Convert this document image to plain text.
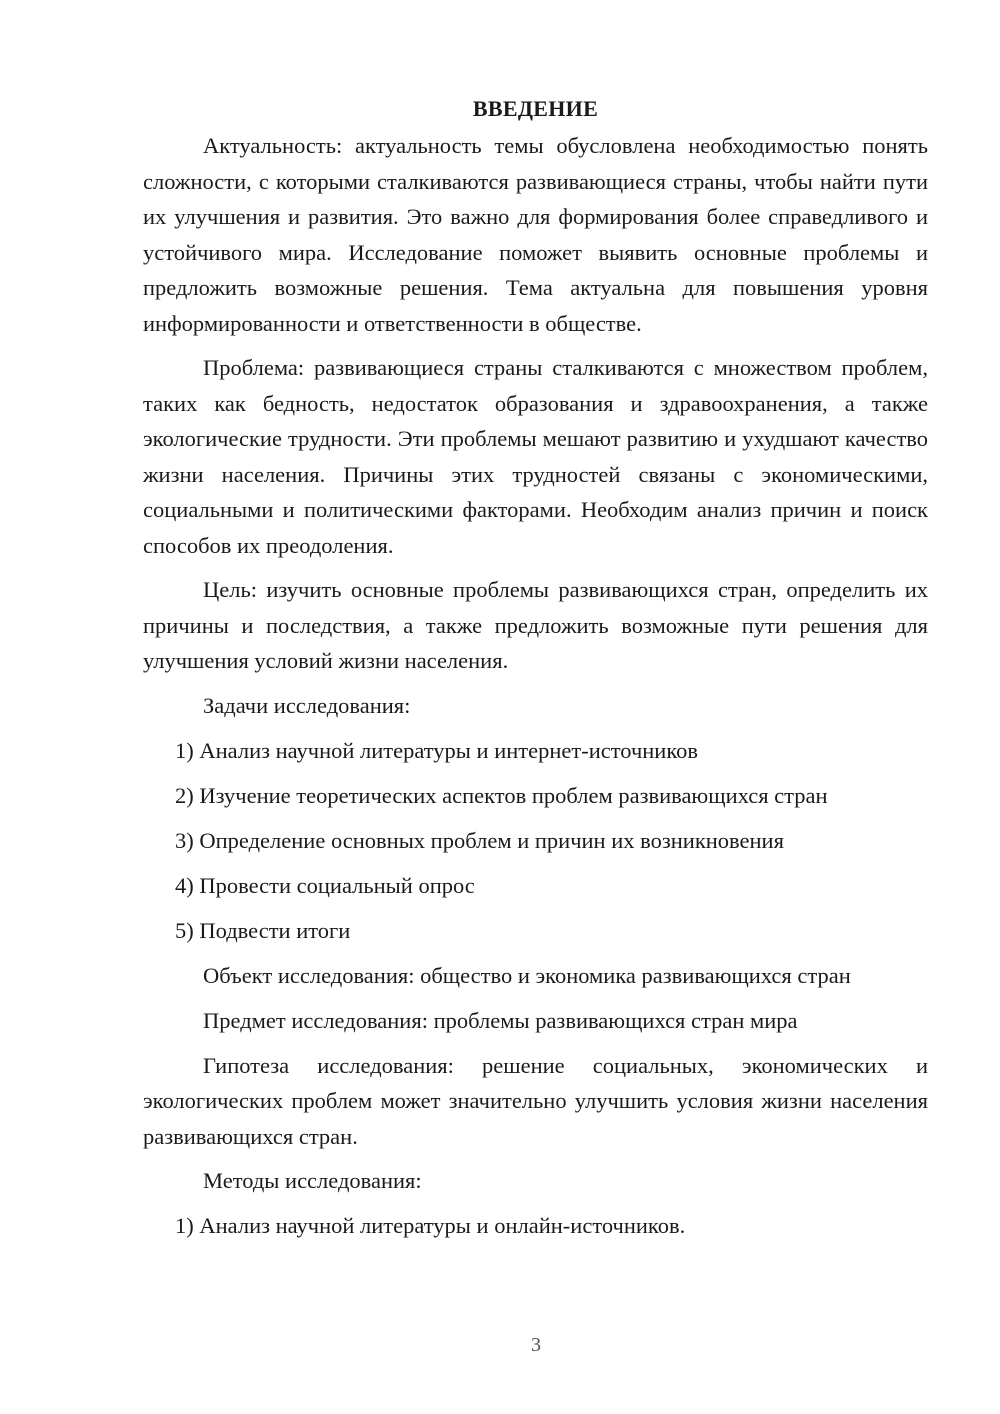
ВВЕДЕНИЕ

Актуальность: актуальность темы обусловлена необходимостью понять сложности, с которыми сталкиваются развивающиеся страны, чтобы найти пути их улучшения и развития. Это важно для формирования более справедливого и устойчивого мира. Исследование поможет выявить основные проблемы и предложить возможные решения. Тема актуальна для повышения уровня информированности и ответственности в обществе.

Проблема: развивающиеся страны сталкиваются с множеством проблем, таких как бедность, недостаток образования и здравоохранения, а также экологические трудности. Эти проблемы мешают развитию и ухудшают качество жизни населения. Причины этих трудностей связаны с экономическими, социальными и политическими факторами. Необходим анализ причин и поиск способов их преодоления.

Цель: изучить основные проблемы развивающихся стран, определить их причины и последствия, а также предложить возможные пути решения для улучшения условий жизни населения.

Задачи исследования:
1) Анализ научной литературы и интернет-источников
2) Изучение теоретических аспектов проблем развивающихся стран
3) Определение основных проблем и причин их возникновения
4) Провести социальный опрос
5) Подвести итоги
Объект исследования: общество и экономика развивающихся стран
Предмет исследования: проблемы развивающихся стран мира

Гипотеза исследования: решение социальных, экономических и экологических проблем может значительно улучшить условия жизни населения развивающихся стран.

Методы исследования:
1) Анализ научной литературы и онлайн-источников.
3
